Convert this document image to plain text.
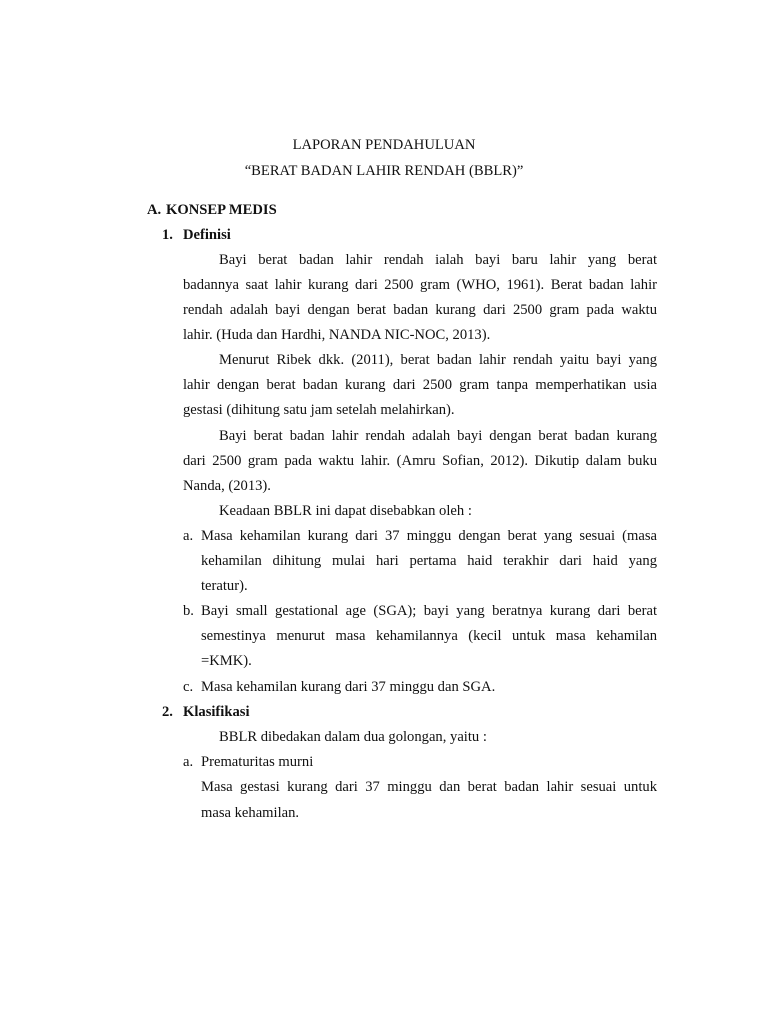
LAPORAN PENDAHULUAN
“BERAT BADAN LAHIR RENDAH (BBLR)”
A. KONSEP MEDIS
1. Definisi
Bayi berat badan lahir rendah ialah bayi baru lahir yang berat
badannya saat lahir kurang dari 2500 gram (WHO, 1961). Berat badan lahir
rendah adalah bayi dengan berat badan kurang dari 2500 gram pada waktu
lahir. (Huda dan Hardhi, NANDA NIC-NOC, 2013).
Menurut Ribek dkk. (2011), berat badan lahir rendah yaitu bayi yang
lahir dengan berat badan kurang dari 2500 gram tanpa memperhatikan usia
gestasi (dihitung satu jam setelah melahirkan).
Bayi berat badan lahir rendah adalah bayi dengan berat badan kurang
dari 2500 gram pada waktu lahir. (Amru Sofian, 2012). Dikutip dalam buku
Nanda, (2013).
Keadaan BBLR ini dapat disebabkan oleh :
a. Masa kehamilan kurang dari 37 minggu dengan berat yang sesuai (masa
kehamilan dihitung mulai hari pertama haid terakhir dari haid yang
teratur).
b. Bayi small gestational age (SGA); bayi yang beratnya kurang dari berat
semestinya menurut masa kehamilannya (kecil untuk masa kehamilan
=KMK).
c. Masa kehamilan kurang dari 37 minggu dan SGA.
2. Klasifikasi
BBLR dibedakan dalam dua golongan, yaitu :
a. Prematuritas murni
Masa gestasi kurang dari 37 minggu dan berat badan lahir sesuai untuk
masa kehamilan.
